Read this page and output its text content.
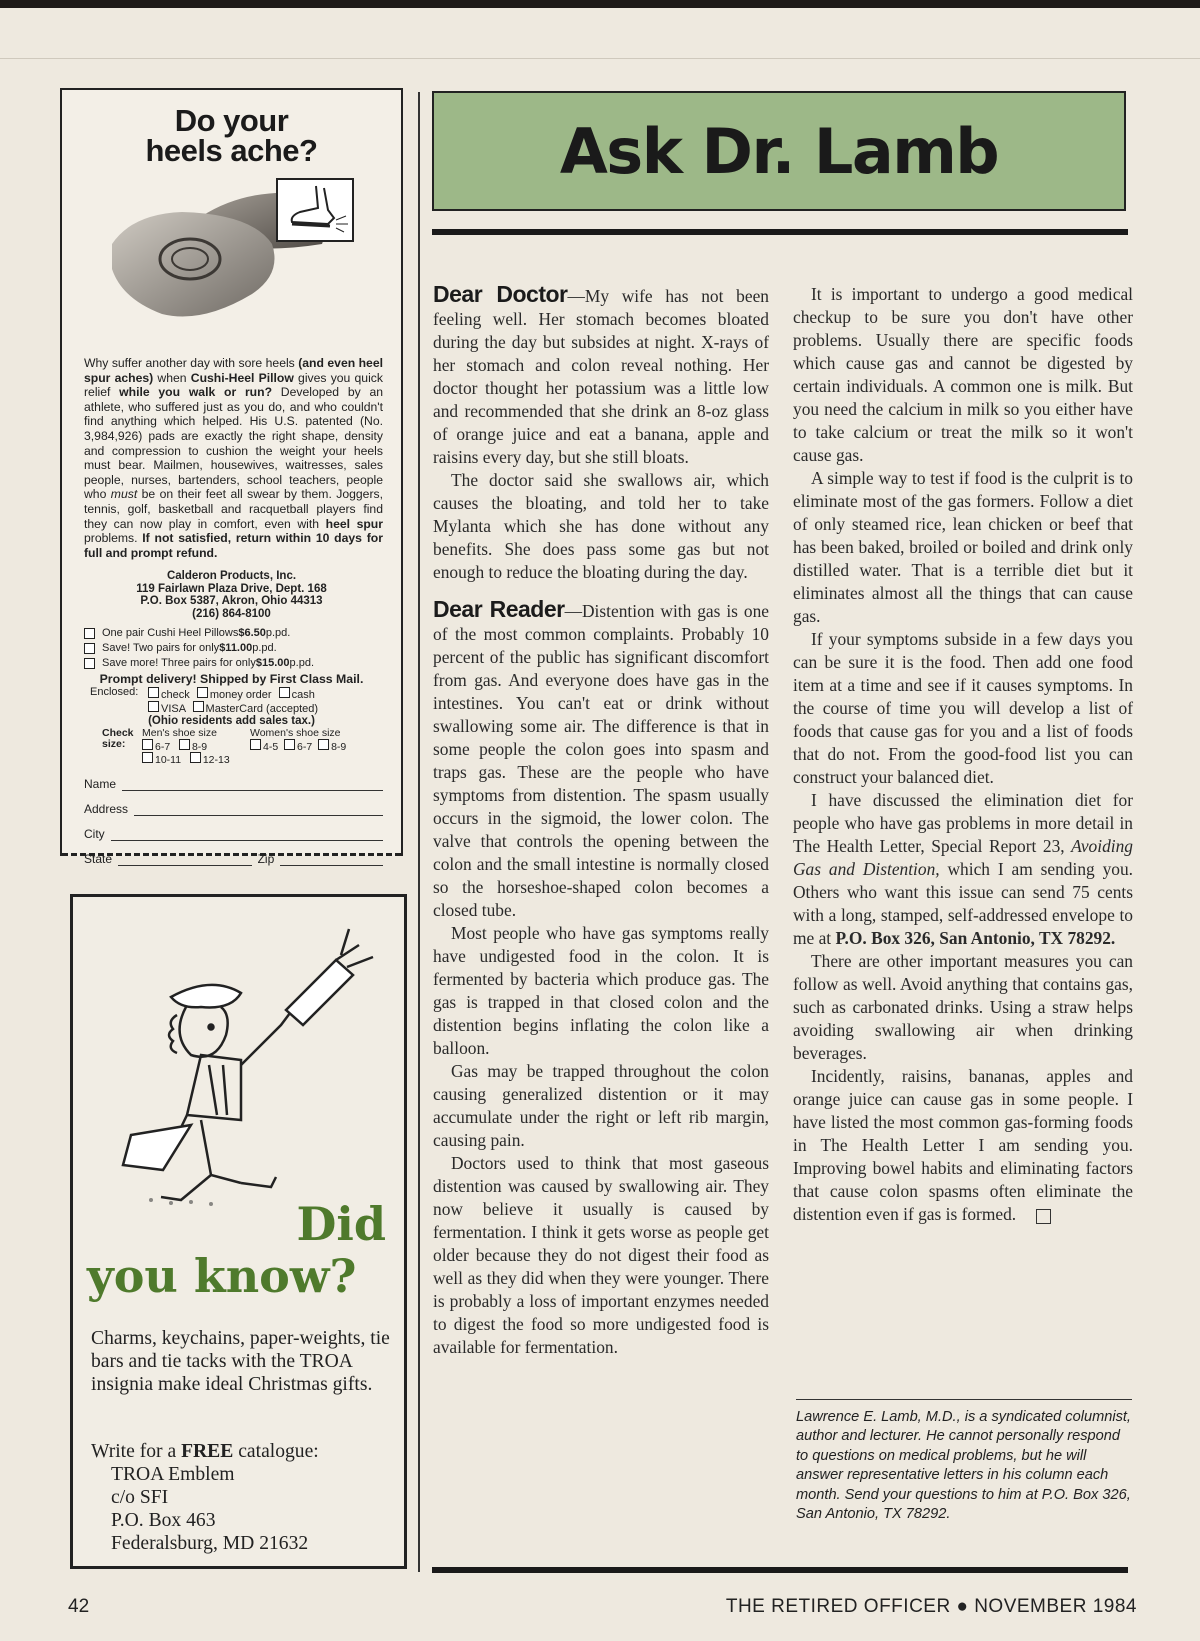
Do your
heels ache?
Why suffer another day with sore heels (and even heel spur aches) when Cushi-Heel Pillow gives you quick relief while you walk or run? Developed by an athlete, who suffered just as you do, and who couldn't find anything which helped. His U.S. patented (No. 3,984,926) pads are exactly the right shape, density and compression to cushion the weight your heels must bear. Mailmen, housewives, waitresses, sales people, nurses, bartenders, school teachers, people who must be on their feet all swear by them. Joggers, tennis, golf, basketball and racquetball players find they can now play in comfort, even with heel spur problems. If not satisfied, return within 10 days for full and prompt refund.
Calderon Products, Inc.
119 Fairlawn Plaza Drive, Dept. 168
P.O. Box 5387, Akron, Ohio 44313
(216) 864-8100
One pair Cushi Heel Pillows $6.50 p.pd.
Save! Two pairs for only $11.00 p.pd.
Save more! Three pairs for only $15.00 p.pd.
Prompt delivery! Shipped by First Class Mail.
Enclosed:	check money order cash
VISA MasterCard (accepted)
(Ohio residents add sales tax.)
Check size:
Men's shoe size
6-7 8-9
10-11 12-13
Women's shoe size
4-5 6-7 8-9
Name
Address
City
State	Zip
Did
you know?
Charms, keychains, paper-weights, tie bars and tie tacks with the TROA insignia make ideal Christmas gifts.
Write for a FREE catalogue:
TROA Emblem
c/o SFI
P.O. Box 463
Federalsburg, MD 21632
Ask Dr. Lamb

Dear Doctor—My wife has not been feeling well. Her stomach becomes bloated during the day but subsides at night. X-rays of her stomach and colon reveal nothing. Her doctor thought her potassium was a little low and recommended that she drink an 8-oz glass of orange juice and eat a banana, apple and raisins every day, but she still bloats.

The doctor said she swallows air, which causes the bloating, and told her to take Mylanta which she has done without any benefits. She does pass some gas but not enough to reduce the bloating during the day.

Dear Reader—Distention with gas is one of the most common complaints. Probably 10 percent of the public has significant discomfort from gas. And everyone does have gas in the intestines. You can't eat or drink without swallowing some air. The difference is that in some people the colon goes into spasm and traps gas. These are the people who have symptoms from distention. The spasm usually occurs in the sigmoid, the lower colon. The valve that controls the opening between the colon and the small intestine is normally closed so the horseshoe-shaped colon becomes a closed tube.

Most people who have gas symptoms really have undigested food in the colon. It is fermented by bacteria which produce gas. The gas is trapped in that closed colon and the distention begins inflating the colon like a balloon.

Gas may be trapped throughout the colon causing generalized distention or it may accumulate under the right or left rib margin, causing pain.

Doctors used to think that most gaseous distention was caused by swallowing air. They now believe it usually is caused by fermentation. I think it gets worse as people get older because they do not digest their food as well as they did when they were younger. There is probably a loss of important enzymes needed to digest the food so more undigested food is available for fermentation.

It is important to undergo a good medical checkup to be sure you don't have other problems. Usually there are specific foods which cause gas and cannot be digested by certain individuals. A common one is milk. But you need the calcium in milk so you either have to take calcium or treat the milk so it won't cause gas.

A simple way to test if food is the culprit is to eliminate most of the gas formers. Follow a diet of only steamed rice, lean chicken or beef that has been baked, broiled or boiled and drink only distilled water. That is a terrible diet but it eliminates almost all the things that can cause gas.

If your symptoms subside in a few days you can be sure it is the food. Then add one food item at a time and see if it causes symptoms. In the course of time you will develop a list of foods that cause gas for you and a list of foods that do not. From the good-food list you can construct your balanced diet.

I have discussed the elimination diet for people who have gas problems in more detail in The Health Letter, Special Report 23, Avoiding Gas and Distention, which I am sending you. Others who want this issue can send 75 cents with a long, stamped, self-addressed envelope to me at P.O. Box 326, San Antonio, TX 78292.

There are other important measures you can follow as well. Avoid anything that contains gas, such as carbonated drinks. Using a straw helps avoiding swallowing air when drinking beverages.

Incidently, raisins, bananas, apples and orange juice can cause gas in some people. I have listed the most common gas-forming foods in The Health Letter I am sending you. Improving bowel habits and eliminating factors that cause colon spasms often eliminate the distention even if gas is formed.

Lawrence E. Lamb, M.D., is a syndicated columnist, author and lecturer. He cannot personally respond to questions on medical problems, but he will answer representative letters in his column each month. Send your questions to him at P.O. Box 326, San Antonio, TX 78292.
42	THE RETIRED OFFICER ● NOVEMBER 1984
